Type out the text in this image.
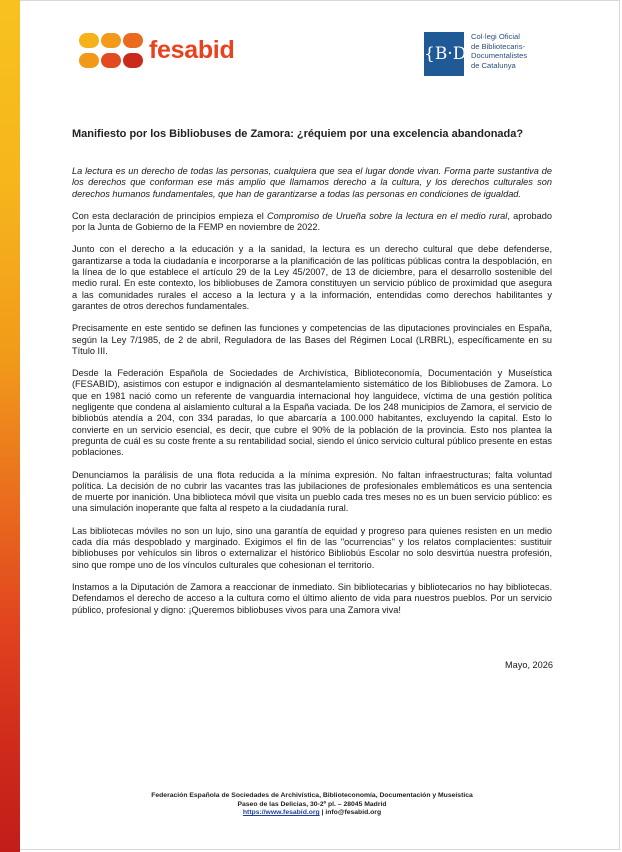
fesabid	{B·D
Col·legi Oficial
de Bibliotecaris-
Documentalistes
de Catalunya
Manifiesto por los Bibliobuses de Zamora: ¿réquiem por una excelencia abandonada?

La lectura es un derecho de todas las personas, cualquiera que sea el lugar donde vivan. Forma parte sustantiva de los derechos que conforman ese más amplio que llamamos derecho a la cultura, y los derechos culturales son derechos humanos fundamentales, que han de garantizarse a todas las personas en condiciones de igualdad.

Con esta declaración de principios empieza el Compromiso de Urueña sobre la lectura en el medio rural, aprobado por la Junta de Gobierno de la FEMP en noviembre de 2022.

Junto con el derecho a la educación y a la sanidad, la lectura es un derecho cultural que debe defenderse, garantizarse a toda la ciudadanía e incorporarse a la planificación de las políticas públicas contra la despoblación, en la línea de lo que establece el artículo 29 de la Ley 45/2007, de 13 de diciembre, para el desarrollo sostenible del medio rural. En este contexto, los bibliobuses de Zamora constituyen un servicio público de proximidad que asegura a las comunidades rurales el acceso a la lectura y a la información, entendidas como derechos habilitantes y garantes de otros derechos fundamentales.

Precisamente en este sentido se definen las funciones y competencias de las diputaciones provinciales en España, según la Ley 7/1985, de 2 de abril, Reguladora de las Bases del Régimen Local (LRBRL), específicamente en su Título III.

Desde la Federación Española de Sociedades de Archivística, Biblioteconomía, Documentación y Museística (FESABID), asistimos con estupor e indignación al desmantelamiento sistemático de los Bibliobuses de Zamora. Lo que en 1981 nació como un referente de vanguardia internacional hoy languidece, víctima de una gestión política negligente que condena al aislamiento cultural a la España vaciada. De los 248 municipios de Zamora, el servicio de bibliobús atendía a 204, con 334 paradas, lo que abarcaría a 100.000 habitantes, excluyendo la capital. Esto lo convierte en un servicio esencial, es decir, que cubre el 90% de la población de la provincia. Esto nos plantea la pregunta de cuál es su coste frente a su rentabilidad social, siendo el único servicio cultural público presente en estas poblaciones.

Denunciamos la parálisis de una flota reducida a la mínima expresión. No faltan infraestructuras; falta voluntad política. La decisión de no cubrir las vacantes tras las jubilaciones de profesionales emblemáticos es una sentencia de muerte por inanición. Una biblioteca móvil que visita un pueblo cada tres meses no es un buen servicio público: es una simulación inoperante que falta al respeto a la ciudadanía rural.

Las bibliotecas móviles no son un lujo, sino una garantía de equidad y progreso para quienes resisten en un medio cada día más despoblado y marginado. Exigimos el fin de las "ocurrencias" y los relatos complacientes: sustituir bibliobuses por vehículos sin libros o externalizar el histórico Bibliobús Escolar no solo desvirtúa nuestra profesión, sino que rompe uno de los vínculos culturales que cohesionan el territorio.

Instamos a la Diputación de Zamora a reaccionar de inmediato. Sin bibliotecarias y bibliotecarios no hay bibliotecas. Defendamos el derecho de acceso a la cultura como el último aliento de vida para nuestros pueblos. Por un servicio público, profesional y digno: ¡Queremos bibliobuses vivos para una Zamora viva!

Mayo, 2026
Federación Española de Sociedades de Archivística, Biblioteconomía, Documentación y Museística
Paseo de las Delicias, 30-2º pl. – 28045 Madrid
https://www.fesabid.org | info@fesabid.org
